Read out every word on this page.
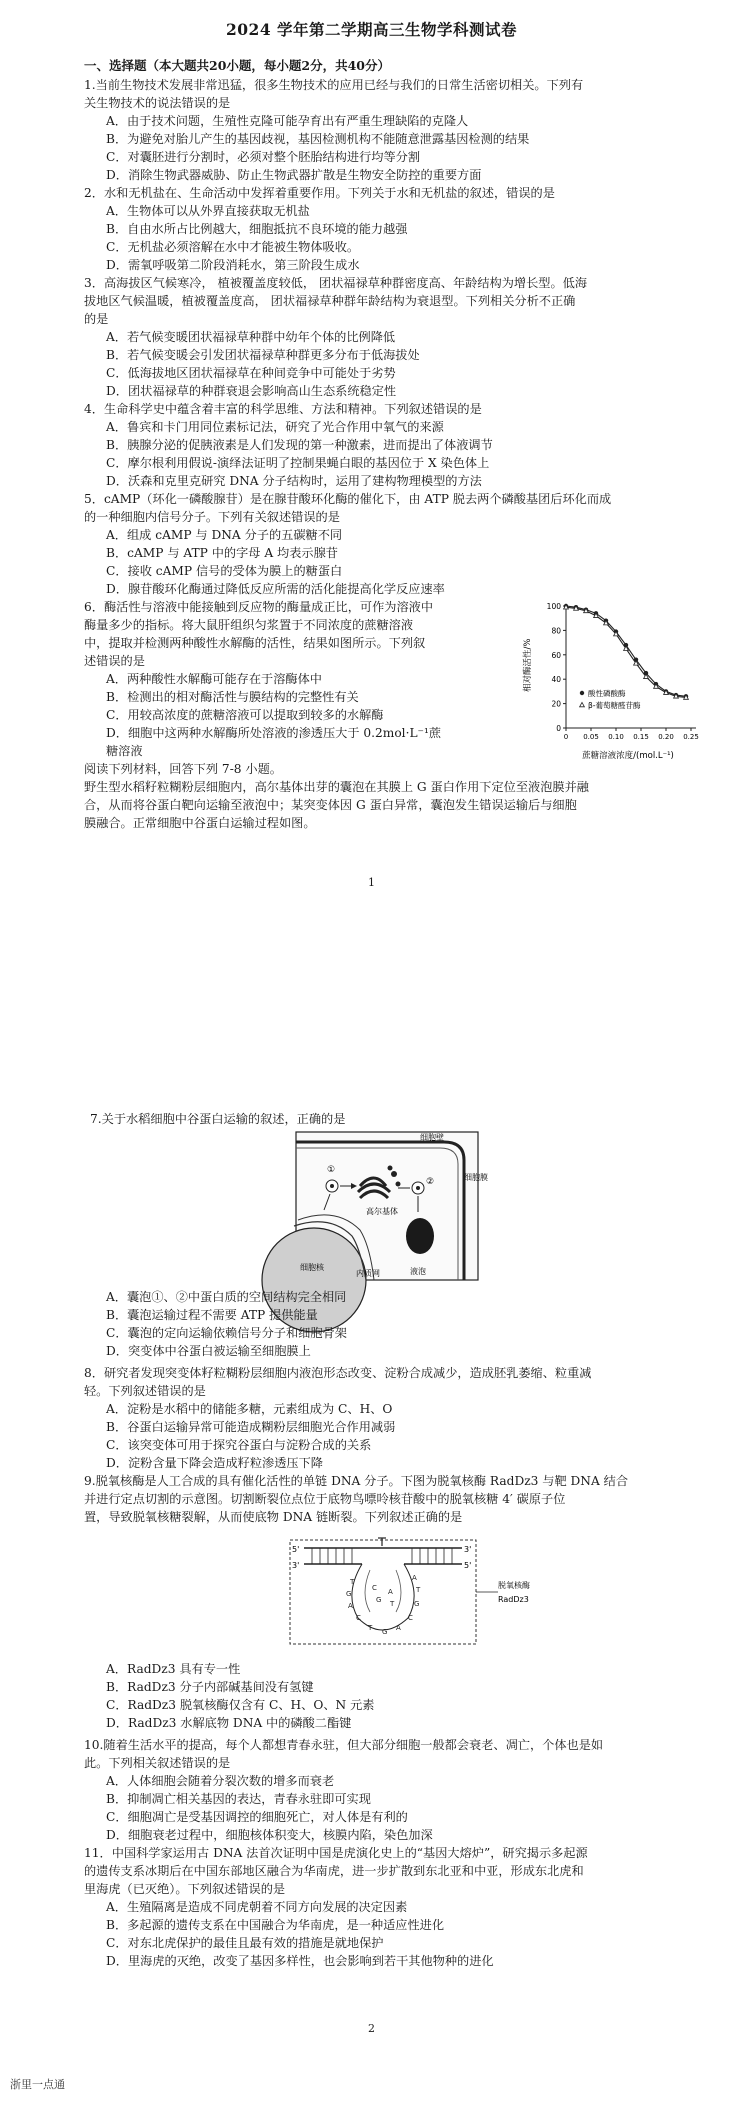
2024 学年第二学期高三生物学科测试卷
一、选择题（本大题共20小题，每小题2分，共40分）

1.当前生物技术发展非常迅猛，很多生物技术的应用已经与我们的日常生活密切相关。下列有

关生物技术的说法错误的是

A．由于技术问题，生殖性克隆可能孕育出有严重生理缺陷的克隆人

B．为避免对胎儿产生的基因歧视，基因检测机构不能随意泄露基因检测的结果

C．对囊胚进行分割时，必须对整个胚胎结构进行均等分割

D．消除生物武器威胁、防止生物武器扩散是生物安全防控的重要方面

2．水和无机盐在、生命活动中发挥着重要作用。下列关于水和无机盐的叙述，错误的是

A．生物体可以从外界直接获取无机盐

B．自由水所占比例越大，细胞抵抗不良环境的能力越强

C．无机盐必须溶解在水中才能被生物体吸收。

D．需氧呼吸第二阶段消耗水，第三阶段生成水

3．高海拔区气候寒冷， 植被覆盖度较低， 团状福禄草种群密度高、年龄结构为增长型。低海

拔地区气候温暖，植被覆盖度高， 团状福禄草种群年龄结构为衰退型。下列相关分析不正确

的是

A．若气候变暖团状福禄草种群中幼年个体的比例降低

B．若气候变暖会引发团状福禄草种群更多分布于低海拔处

C．低海拔地区团状福禄草在种间竞争中可能处于劣势

D．团状福禄草的种群衰退会影响高山生态系统稳定性

4．生命科学史中蕴含着丰富的科学思维、方法和精神。下列叙述错误的是

A．鲁宾和卡门用同位素标记法，研究了光合作用中氧气的来源

B．胰腺分泌的促胰液素是人们发现的第一种激素，进而提出了体液调节

C．摩尔根利用假说-演绎法证明了控制果蝇白眼的基因位于 X 染色体上

D．沃森和克里克研究 DNA 分子结构时，运用了建构物理模型的方法

5．cAMP（环化一磷酸腺苷）是在腺苷酸环化酶的催化下，由 ATP 脱去两个磷酸基团后环化而成

的一种细胞内信号分子。下列有关叙述错误的是

A．组成 cAMP 与 DNA 分子的五碳糖不同

B．cAMP 与 ATP 中的字母 A 均表示腺苷

C．接收 cAMP 信号的受体为膜上的糖蛋白

D．腺苷酸环化酶通过降低反应所需的活化能提高化学反应速率

6．酶活性与溶液中能接触到反应物的酶量成正比，可作为溶液中

酶量多少的指标。将大鼠肝组织匀浆置于不同浓度的蔗糖溶液

中，提取并检测两种酸性水解酶的活性，结果如图所示。下列叙

述错误的是

A．两种酸性水解酶可能存在于溶酶体中

B．检测出的相对酶活性与膜结构的完整性有关

C．用较高浓度的蔗糖溶液可以提取到较多的水解酶

D．细胞中这两种水解酶所处溶液的渗透压大于 0.2mol·L⁻¹蔗

糖溶液

相对酶活性/%
蔗糖溶液浓度/(mol.L⁻¹)
0
20
40
60
80
100
0 0.05 0.10 0.15 0.20 0.25
酸性磷酸酶
β-葡萄糖醛苷酶

阅读下列材料，回答下列 7-8 小题。

野生型水稻籽粒糊粉层细胞内，高尔基体出芽的囊泡在其膜上 G 蛋白作用下定位至液泡膜并融

合，从而将谷蛋白靶向运输至液泡中；某突变体因 G 蛋白异常，囊泡发生错误运输后与细胞

膜融合。正常细胞中谷蛋白运输过程如图。

1

7.关于水稻细胞中谷蛋白运输的叙述，正确的是

细胞壁
细胞膜
细胞核
内质网
高尔基体
①
②
液泡

A．囊泡①、②中蛋白质的空间结构完全相同

B．囊泡运输过程不需要 ATP 提供能量

C．囊泡的定向运输依赖信号分子和细胞骨架

D．突变体中谷蛋白被运输至细胞膜上

8．研究者发现突变体籽粒糊粉层细胞内液泡形态改变、淀粉合成减少，造成胚乳萎缩、粒重减

轻。下列叙述错误的是

A．淀粉是水稻中的储能多糖，元素组成为 C、H、O

B．谷蛋白运输异常可能造成糊粉层细胞光合作用减弱

C．该突变体可用于探究谷蛋白与淀粉合成的关系

D．淀粉含量下降会造成籽粒渗透压下降

9.脱氧核酶是人工合成的具有催化活性的单链 DNA 分子。下图为脱氧核酶 RadDz3 与靶 DNA 结合

并进行定点切割的示意图。切割断裂位点位于底物鸟嘌呤核苷酸中的脱氧核糖 4′ 碳原子位

置，导致脱氧核糖裂解，从而使底物 DNA 链断裂。下列叙述正确的是

5'
3'
3'
5'
T
G
A
C
T G A
C
G
T
A
C
G
A
T
脱氧核酶
RadDz3

A．RadDz3 具有专一性

B．RadDz3 分子内部碱基间没有氢键

C．RadDz3 脱氧核酶仅含有 C、H、O、N 元素

D．RadDz3 水解底物 DNA 中的磷酸二酯键

10.随着生活水平的提高，每个人都想青春永驻，但大部分细胞一般都会衰老、凋亡，个体也是如

此。下列相关叙述错误的是

A．人体细胞会随着分裂次数的增多而衰老

B．抑制凋亡相关基因的表达，青春永驻即可实现

C．细胞凋亡是受基因调控的细胞死亡，对人体是有利的

D．细胞衰老过程中，细胞核体积变大，核膜内陷，染色加深

11．中国科学家运用古 DNA 法首次证明中国是虎演化史上的“基因大熔炉”，研究揭示多起源

的遗传支系冰期后在中国东部地区融合为华南虎，进一步扩散到东北亚和中亚，形成东北虎和

里海虎（已灭绝）。下列叙述错误的是

A．生殖隔离是造成不同虎朝着不同方向发展的决定因素

B．多起源的遗传支系在中国融合为华南虎，是一种适应性进化

C．对东北虎保护的最佳且最有效的措施是就地保护

D．里海虎的灭绝，改变了基因多样性，也会影响到若干其他物种的进化

2
浙里一点通
